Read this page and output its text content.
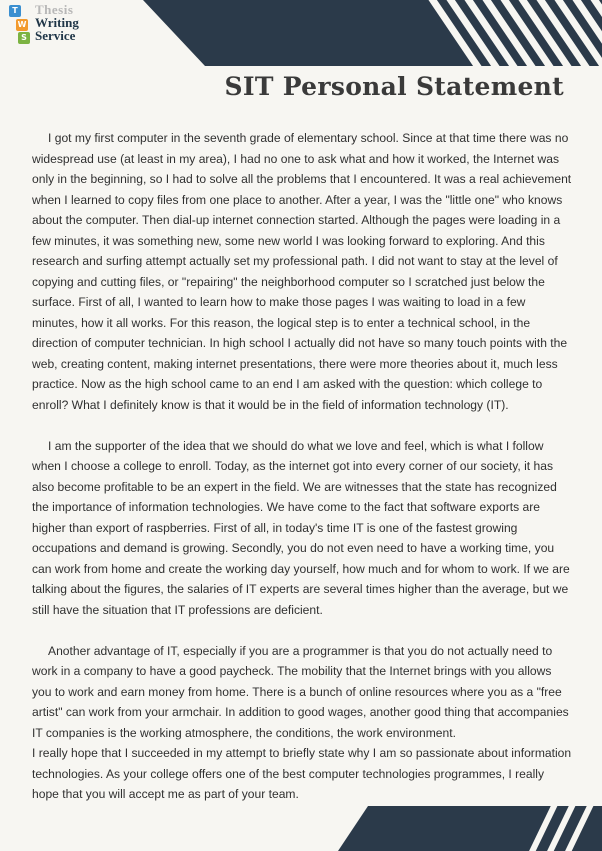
T
W
S
Thesis
Writing
Service
SIT Personal Statement

I got my first computer in the seventh grade of elementary school. Since at that time there was no widespread use (at least in my area), I had no one to ask what and how it worked, the Internet was only in the beginning, so I had to solve all the problems that I encountered. It was a real achievement when I learned to copy files from one place to another. After a year, I was the "little one" who knows about the computer. Then dial-up internet connection started. Although the pages were loading in a few minutes, it was something new, some new world I was looking forward to exploring. And this research and surfing attempt actually set my professional path. I did not want to stay at the level of copying and cutting files, or "repairing" the neighborhood computer so I scratched just below the surface. First of all, I wanted to learn how to make those pages I was waiting to load in a few minutes, how it all works. For this reason, the logical step is to enter a technical school, in the direction of computer technician. In high school I actually did not have so many touch points with the web, creating content, making internet presentations, there were more theories about it, much less practice. Now as the high school came to an end I am asked with the question: which college to enroll? What I definitely know is that it would be in the field of information technology (IT).

I am the supporter of the idea that we should do what we love and feel, which is what I follow when I choose a college to enroll. Today, as the internet got into every corner of our society, it has also become profitable to be an expert in the field. We are witnesses that the state has recognized the importance of information technologies. We have come to the fact that software exports are higher than export of raspberries. First of all, in today's time IT is one of the fastest growing occupations and demand is growing. Secondly, you do not even need to have a working time, you can work from home and create the working day yourself, how much and for whom to work. If we are talking about the figures, the salaries of IT experts are several times higher than the average, but we still have the situation that IT professions are deficient.

Another advantage of IT, especially if you are a programmer is that you do not actually need to work in a company to have a good paycheck. The mobility that the Internet brings with you allows you to work and earn money from home. There is a bunch of online resources where you as a "free artist" can work from your armchair. In addition to good wages, another good thing that accompanies IT companies is the working atmosphere, the conditions, the work environment.

I really hope that I succeeded in my attempt to briefly state why I am so passionate about information technologies. As your college offers one of the best computer technologies programmes, I really hope that you will accept me as part of your team.
